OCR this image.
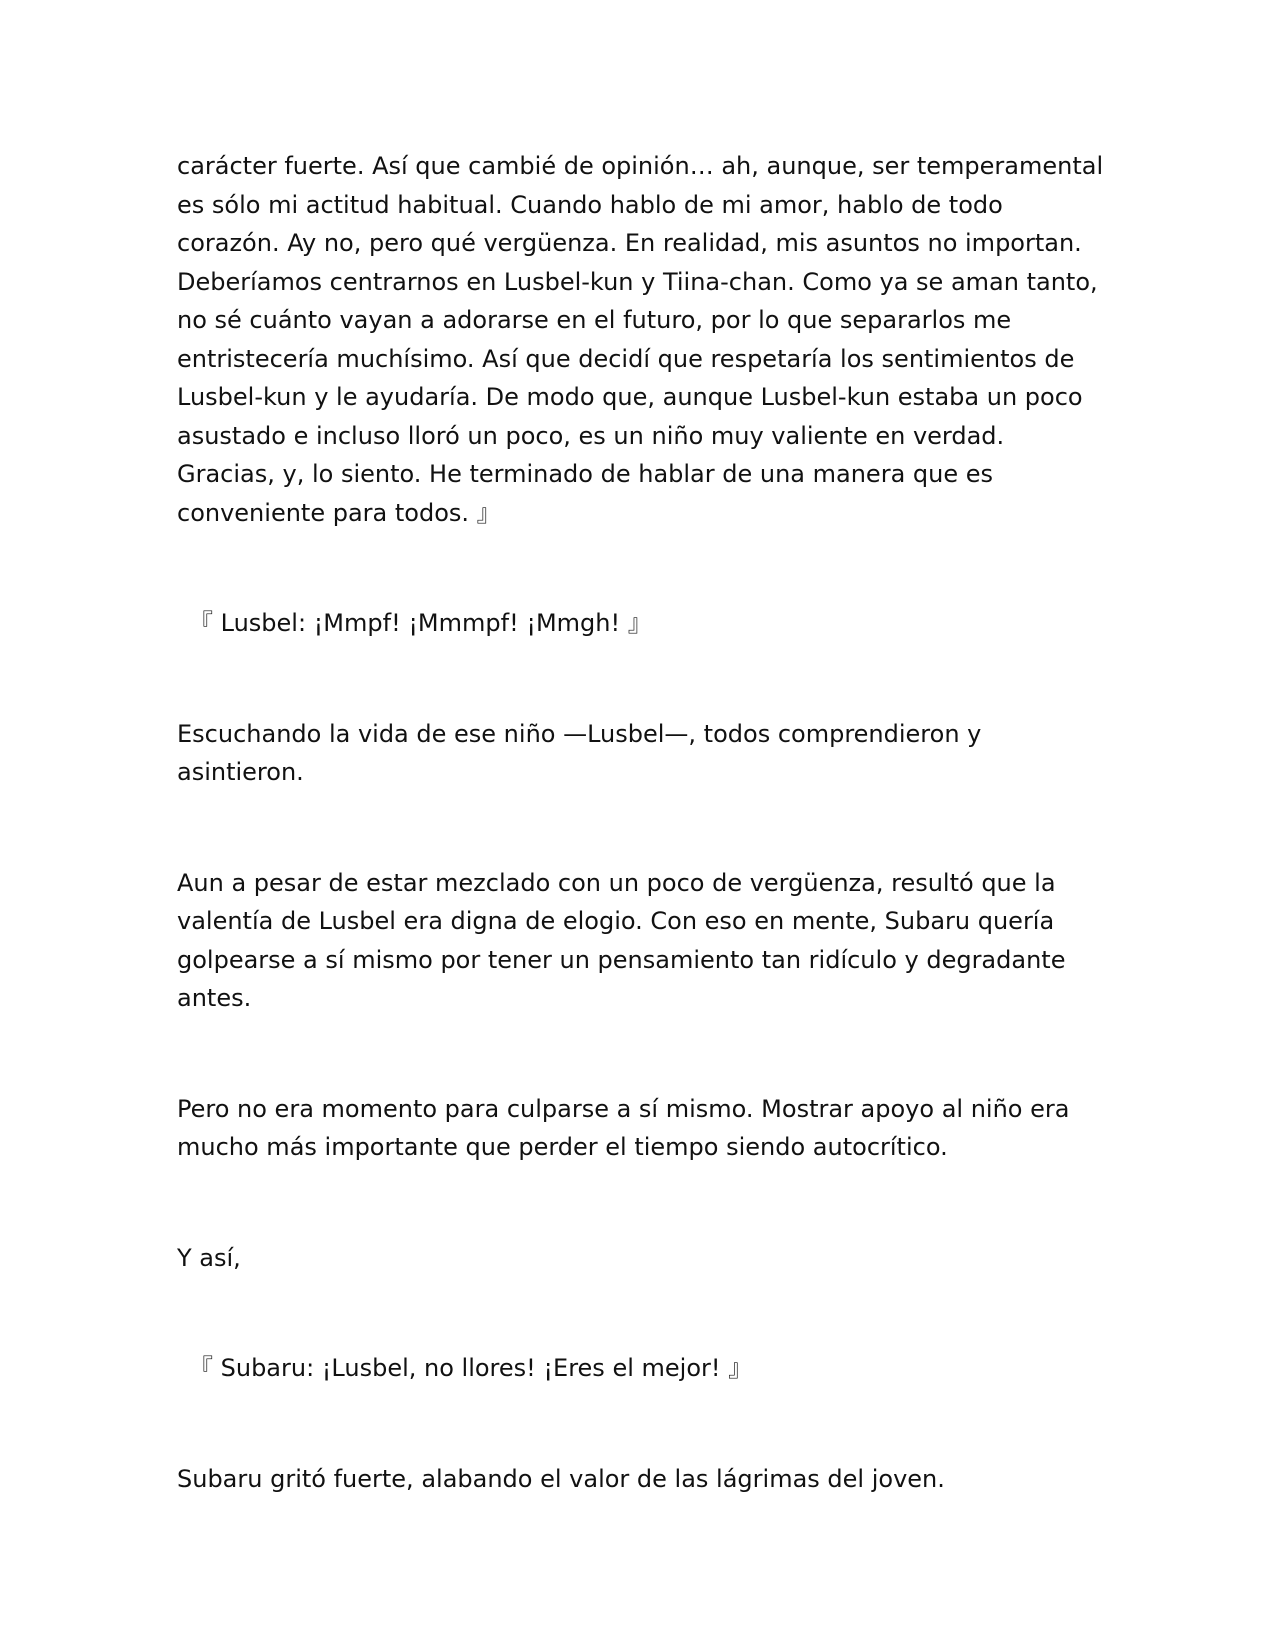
carácter fuerte. Así que cambié de opinión… ah, aunque, ser temperamental es sólo mi actitud habitual. Cuando hablo de mi amor, hablo de todo corazón. Ay no, pero qué vergüenza. En realidad, mis asuntos no importan. Deberíamos centrarnos en Lusbel-kun y Tiina-chan. Como ya se aman tanto, no sé cuánto vayan a adorarse en el futuro, por lo que separarlos me entristecería muchísimo. Así que decidí que respetaría los sentimientos de Lusbel-kun y le ayudaría. De modo que, aunque Lusbel-kun estaba un poco asustado e incluso lloró un poco, es un niño muy valiente en verdad. Gracias, y, lo siento. He terminado de hablar de una manera que es conveniente para todos. 』

『 Lusbel: ¡Mmpf! ¡Mmmpf! ¡Mmgh! 』

Escuchando la vida de ese niño —Lusbel—, todos comprendieron y asintieron.

Aun a pesar de estar mezclado con un poco de vergüenza, resultó que la valentía de Lusbel era digna de elogio. Con eso en mente, Subaru quería golpearse a sí mismo por tener un pensamiento tan ridículo y degradante antes.

Pero no era momento para culparse a sí mismo. Mostrar apoyo al niño era mucho más importante que perder el tiempo siendo autocrítico.

Y así,

『 Subaru: ¡Lusbel, no llores! ¡Eres el mejor! 』

Subaru gritó fuerte, alabando el valor de las lágrimas del joven.
